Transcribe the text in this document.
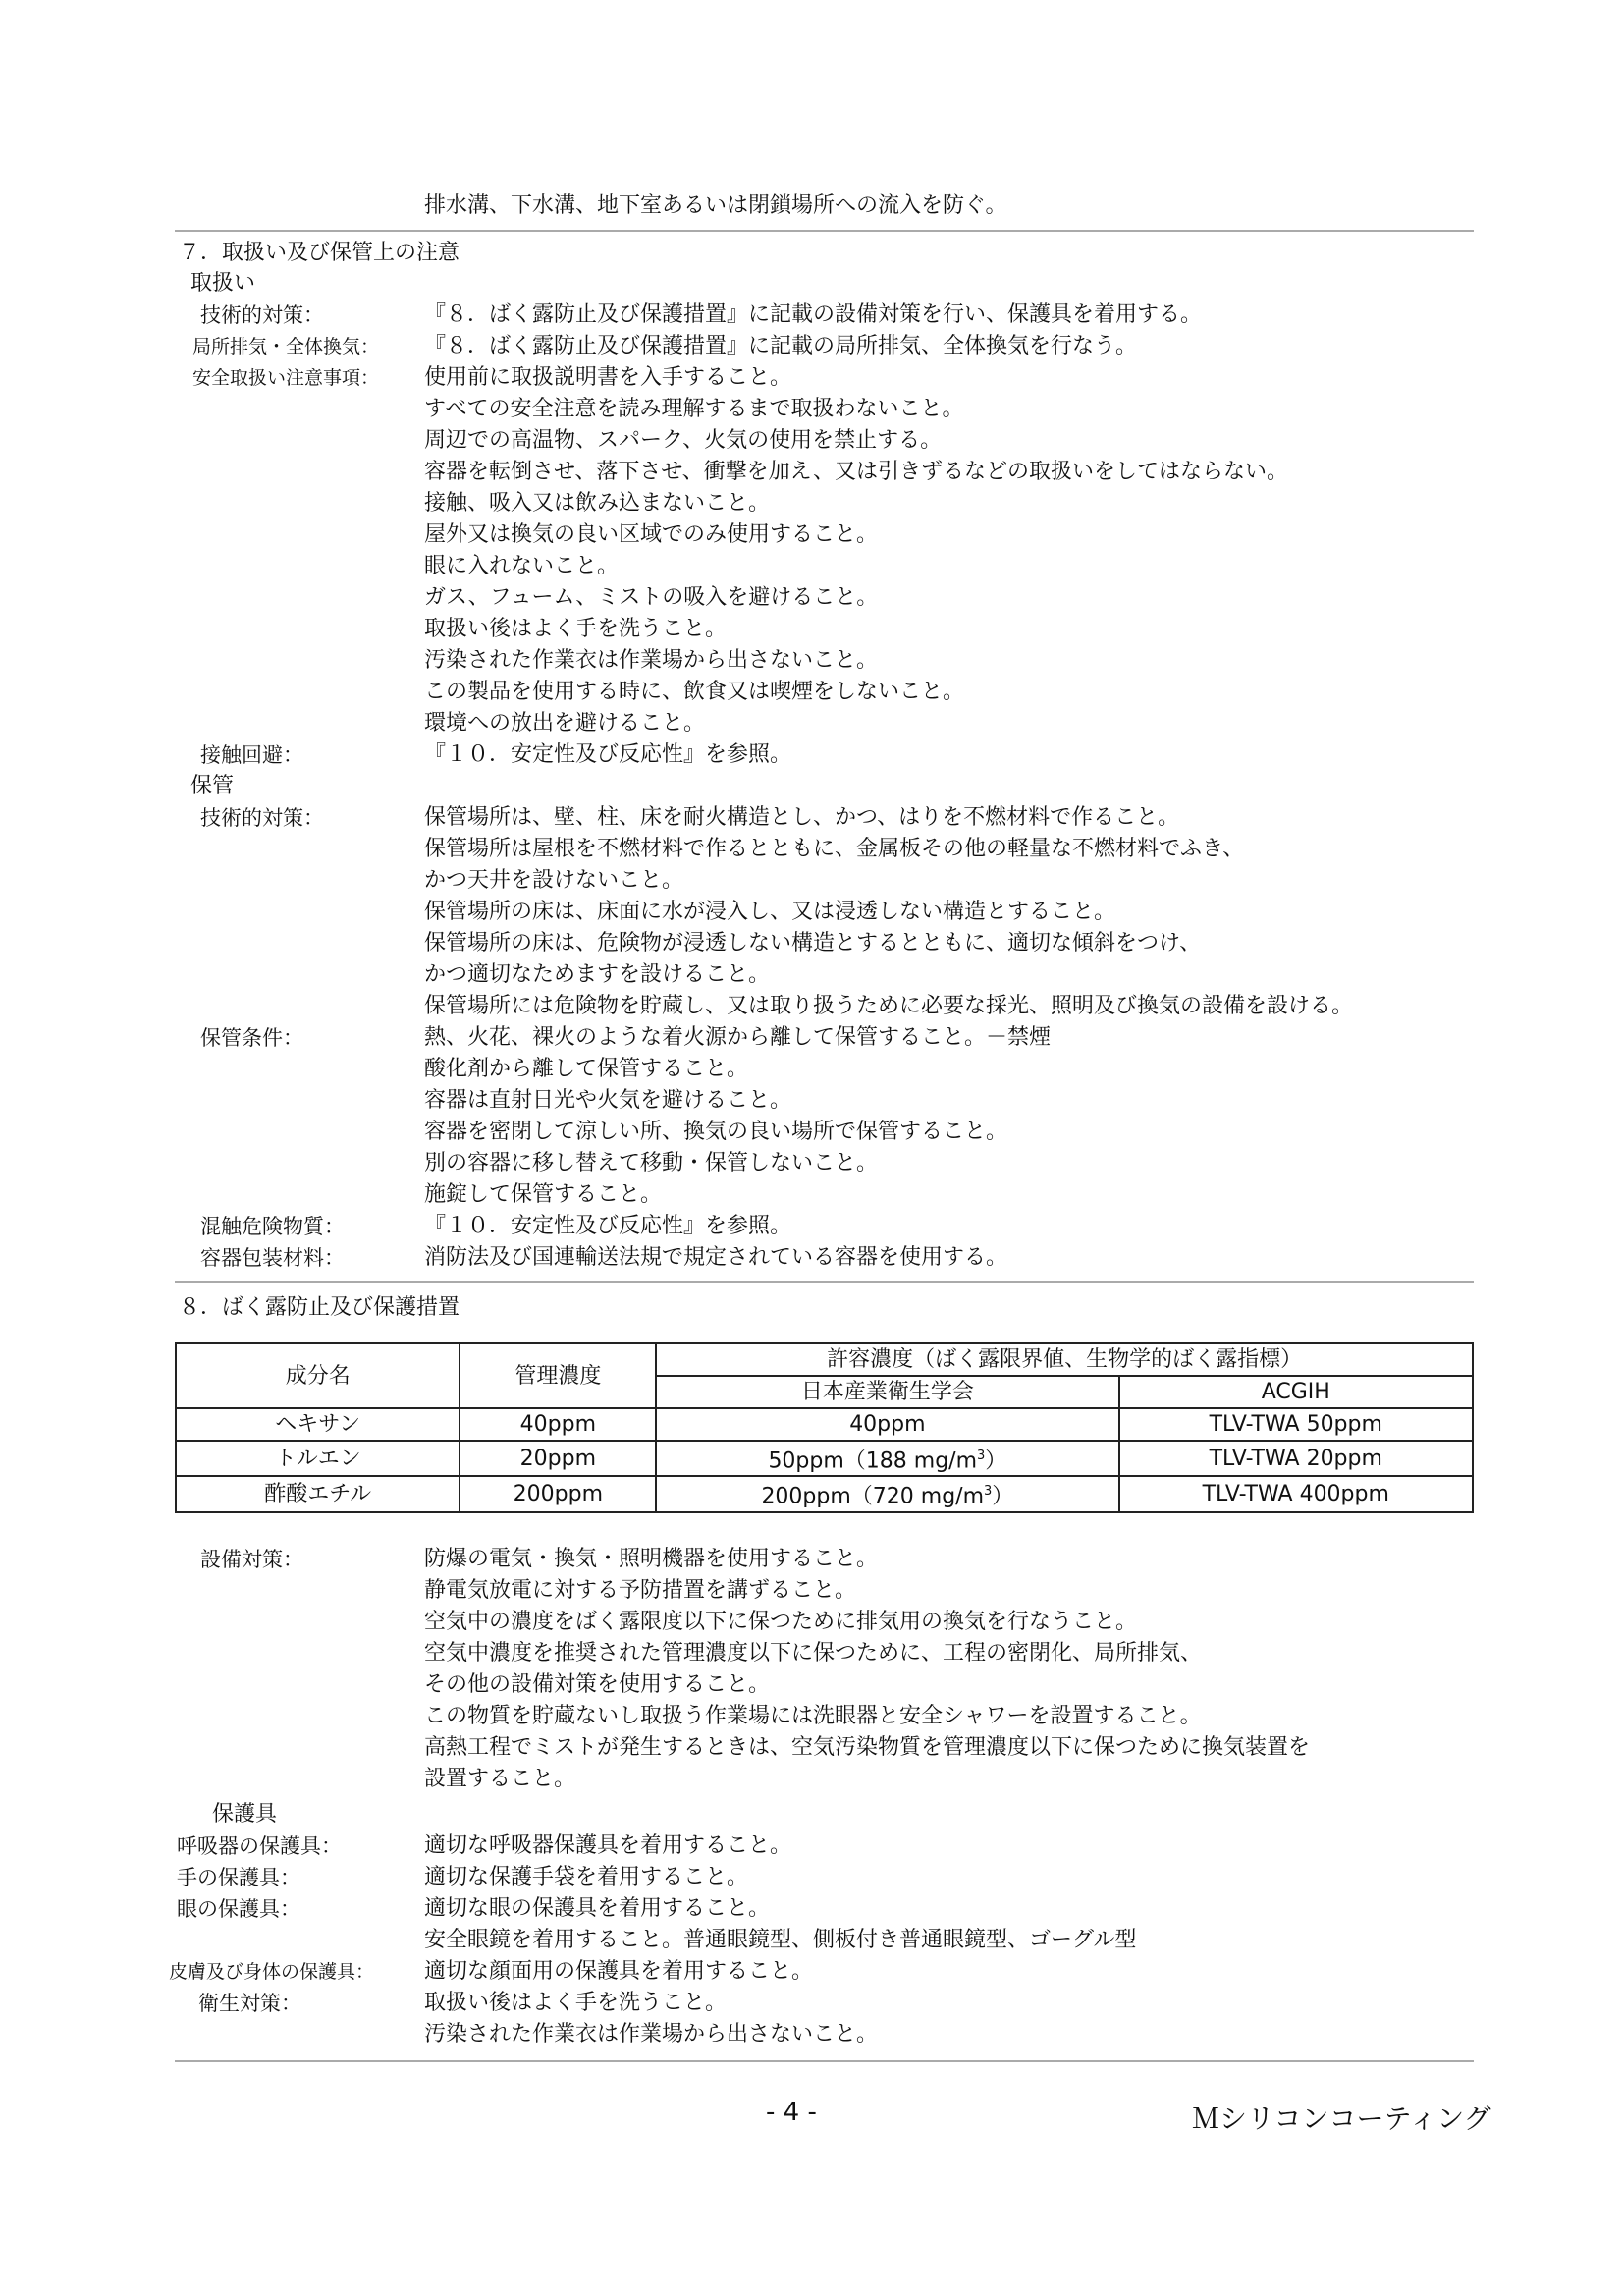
排水溝、下水溝、地下室あるいは閉鎖場所への流入を防ぐ。
７．取扱い及び保管上の注意
取扱い
技術的対策：	『８．ばく露防止及び保護措置』に記載の設備対策を行い、保護具を着用する。
局所排気・全体換気： 『８．ばく露防止及び保護措置』に記載の局所排気、全体換気を行なう。
安全取扱い注意事項： 使用前に取扱説明書を入手すること。
すべての安全注意を読み理解するまで取扱わないこと。
周辺での高温物、スパーク、火気の使用を禁止する。
容器を転倒させ、落下させ、衝撃を加え、又は引きずるなどの取扱いをしてはならない。
接触、吸入又は飲み込まないこと。
屋外又は換気の良い区域でのみ使用すること。
眼に入れないこと。
ガス、フューム、ミストの吸入を避けること。
取扱い後はよく手を洗うこと。
汚染された作業衣は作業場から出さないこと。
この製品を使用する時に、飲食又は喫煙をしないこと。
環境への放出を避けること。
接触回避：	『１０．安定性及び反応性』を参照。
保管
技術的対策：	保管場所は、壁、柱、床を耐火構造とし、かつ、はりを不燃材料で作ること。
保管場所は屋根を不燃材料で作るとともに、金属板その他の軽量な不燃材料でふき、
かつ天井を設けないこと。
保管場所の床は、床面に水が浸入し、又は浸透しない構造とすること。
保管場所の床は、危険物が浸透しない構造とするとともに、適切な傾斜をつけ、
かつ適切なためますを設けること。
保管場所には危険物を貯蔵し、又は取り扱うために必要な採光、照明及び換気の設備を設ける。
保管条件：	熱、火花、裸火のような着火源から離して保管すること。－禁煙
酸化剤から離して保管すること。
容器は直射日光や火気を避けること。
容器を密閉して涼しい所、換気の良い場所で保管すること。
別の容器に移し替えて移動・保管しないこと。
施錠して保管すること。
混触危険物質：	『１０．安定性及び反応性』を参照。
容器包装材料：	消防法及び国連輸送法規で規定されている容器を使用する。
８．ばく露防止及び保護措置
成分名	管理濃度	許容濃度（ばく露限界値、生物学的ばく露指標）	
		日本産業衛生学会	ACGIH
ヘキサン	40ppm	40ppm	TLV-TWA 50ppm
トルエン	20ppm	50ppm（188 $mg/m^3$）	TLV-TWA 20ppm
酢酸エチル	200ppm	200ppm（720 $mg/m^3$）	TLV-TWA 400ppm
設備対策：	防爆の電気・換気・照明機器を使用すること。
静電気放電に対する予防措置を講ずること。
空気中の濃度をばく露限度以下に保つために排気用の換気を行なうこと。
空気中濃度を推奨された管理濃度以下に保つために、工程の密閉化、局所排気、
その他の設備対策を使用すること。
この物質を貯蔵ないし取扱う作業場には洗眼器と安全シャワーを設置すること。
高熱工程でミストが発生するときは、空気汚染物質を管理濃度以下に保つために換気装置を
設置すること。
保護具
呼吸器の保護具：	適切な呼吸器保護具を着用すること。
手の保護具：	適切な保護手袋を着用すること。
眼の保護具：	適切な眼の保護具を着用すること。
安全眼鏡を着用すること。普通眼鏡型、側板付き普通眼鏡型、ゴーグル型
皮膚及び身体の保護具： 適切な顔面用の保護具を着用すること。
衛生対策：	取扱い後はよく手を洗うこと。
汚染された作業衣は作業場から出さないこと。
- 4 -	Ｍシリコンコーティング
